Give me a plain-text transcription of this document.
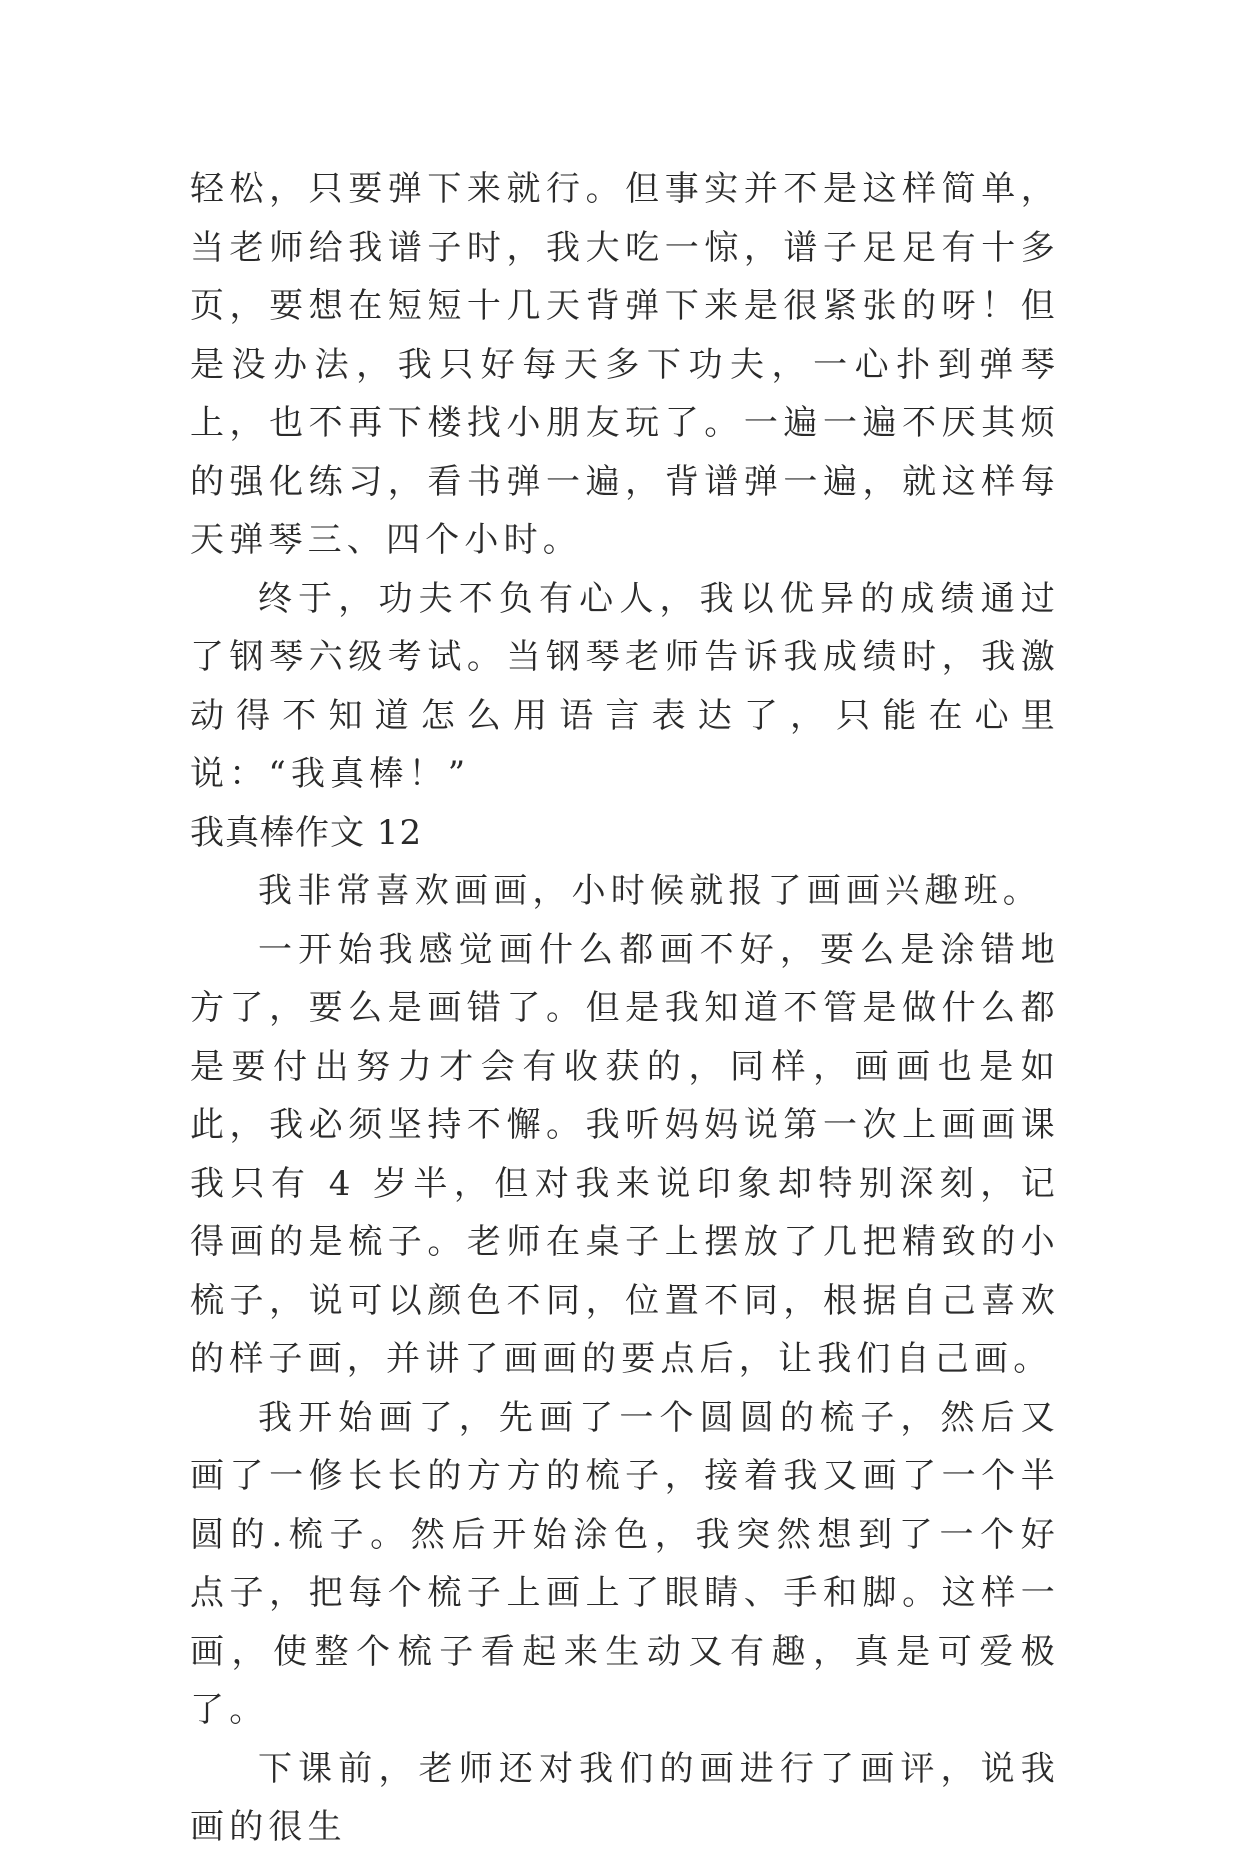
轻松，只要弹下来就行。但事实并不是这样简单，当老师给我谱子时，我大吃一惊，谱子足足有十多页，要想在短短十几天背弹下来是很紧张的呀！但是没办法，我只好每天多下功夫，一心扑到弹琴上，也不再下楼找小朋友玩了。一遍一遍不厌其烦的强化练习，看书弹一遍，背谱弹一遍，就这样每天弹琴三、四个小时。

终于，功夫不负有心人，我以优异的成绩通过了钢琴六级考试。当钢琴老师告诉我成绩时，我激动得不知道怎么用语言表达了，只能在心里说：“我真棒！”

我真棒作文 12

我非常喜欢画画，小时候就报了画画兴趣班。

一开始我感觉画什么都画不好，要么是涂错地方了，要么是画错了。但是我知道不管是做什么都是要付出努力才会有收获的，同样，画画也是如此，我必须坚持不懈。我听妈妈说第一次上画画课我只有 4 岁半，但对我来说印象却特别深刻，记得画的是梳子。老师在桌子上摆放了几把精致的小梳子，说可以颜色不同，位置不同，根据自己喜欢的样子画，并讲了画画的要点后，让我们自己画。

我开始画了，先画了一个圆圆的梳子，然后又画了一修长长的方方的梳子，接着我又画了一个半圆的.梳子。然后开始涂色，我突然想到了一个好点子，把每个梳子上画上了眼睛、手和脚。这样一画，使整个梳子看起来生动又有趣，真是可爱极了。

下课前，老师还对我们的画进行了画评，说我画的很生
